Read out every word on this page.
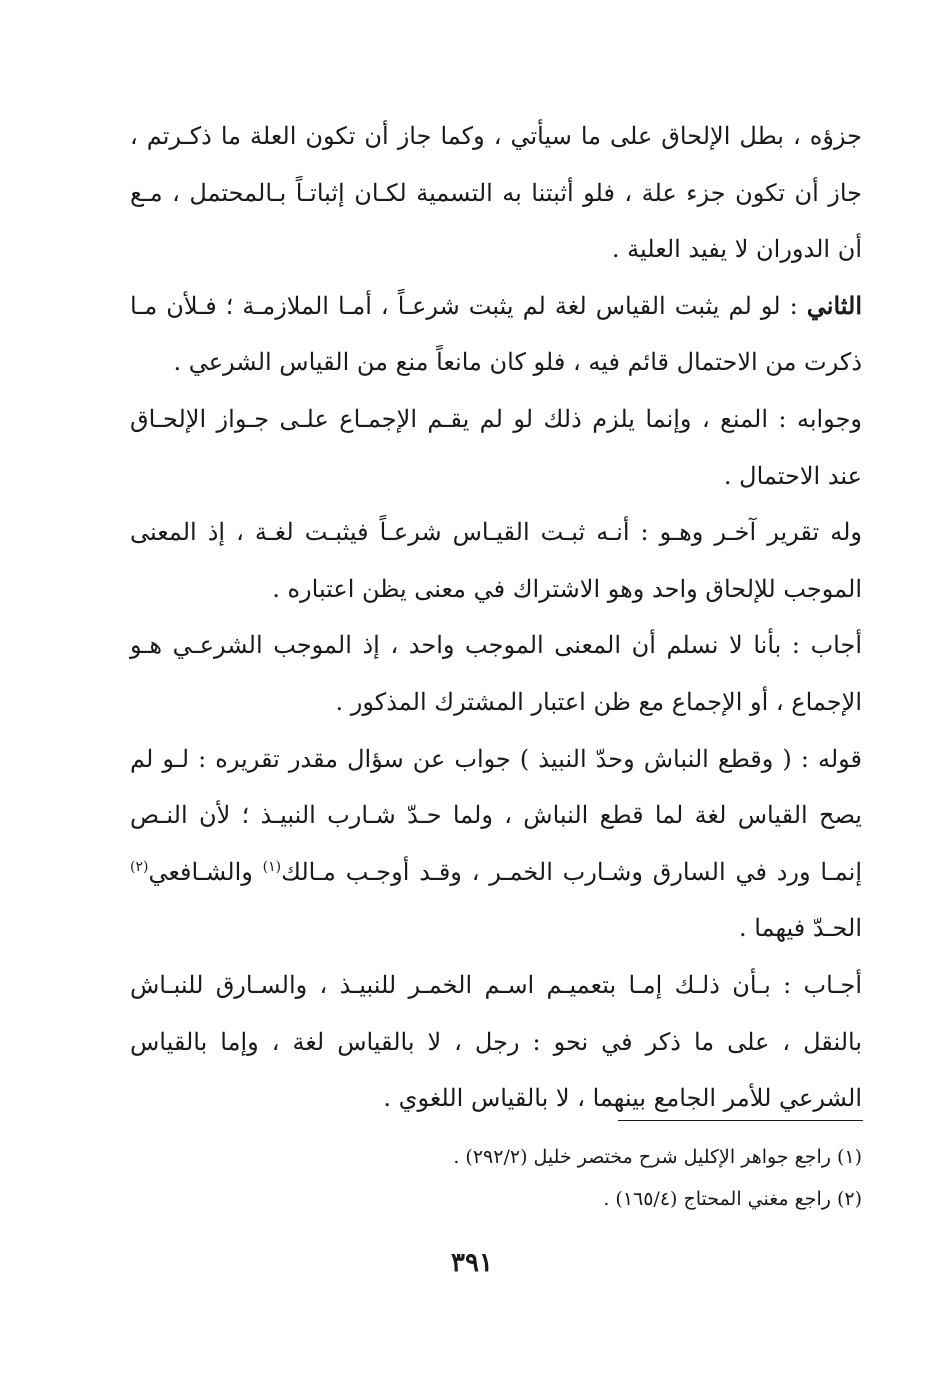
جزؤه ، بطل الإلحاق على ما سيأتي ، وكما جاز أن تكون العلة ما ذكـرتم ، جاز أن تكون جزء علة ، فلو أثبتنا به التسمية لكـان إثباتـاً بـالمحتمل ، مـع أن الدوران لا يفيد العلية .

الثاني : لو لم يثبت القياس لغة لم يثبت شرعـاً ، أمـا الملازمـة ؛ فـلأن مـا ذكرت من الاحتمال قائم فيه ، فلو كان مانعاً منع من القياس الشرعي .

وجوابه : المنع ، وإنما يلزم ذلك لو لم يقـم الإجمـاع علـى جـواز الإلحـاق عند الاحتمال .

وله تقرير آخـر وهـو : أنـه ثبـت القيـاس شرعـاً فيثبـت لغـة ، إذ المعنى الموجب للإلحاق واحد وهو الاشتراك في معنى يظن اعتباره .

أجاب : بأنا لا نسلم أن المعنى الموجب واحد ، إذ الموجب الشرعـي هـو الإجماع ، أو الإجماع مع ظن اعتبار المشترك المذكور .

قوله : ( وقطع النباش وحدّ النبيذ ) جواب عن سؤال مقدر تقريره : لـو لم يصح القياس لغة لما قطع النباش ، ولما حـدّ شـارب النبيـذ ؛ لأن النـص إنمـا ورد في السارق وشـارب الخمـر ، وقـد أوجـب مـالك$^{(١)}$ والشـافعي$^{(٢)}$ الحـدّ فيهما .

أجـاب : بـأن ذلـك إمـا بتعميـم اسـم الخمـر للنبيـذ ، والسـارق للنبـاش بالنقل ، على ما ذكر في نحو : رجل ، لا بالقياس لغة ، وإما بالقياس الشرعي للأمر الجامع بينهما ، لا بالقياس اللغوي .

(١) راجع جواهر الإكليل شرح مختصر خليل (٢٩٢/٢) .

(٢) راجع مغني المحتاج (١٦٥/٤) .

٣٩١
